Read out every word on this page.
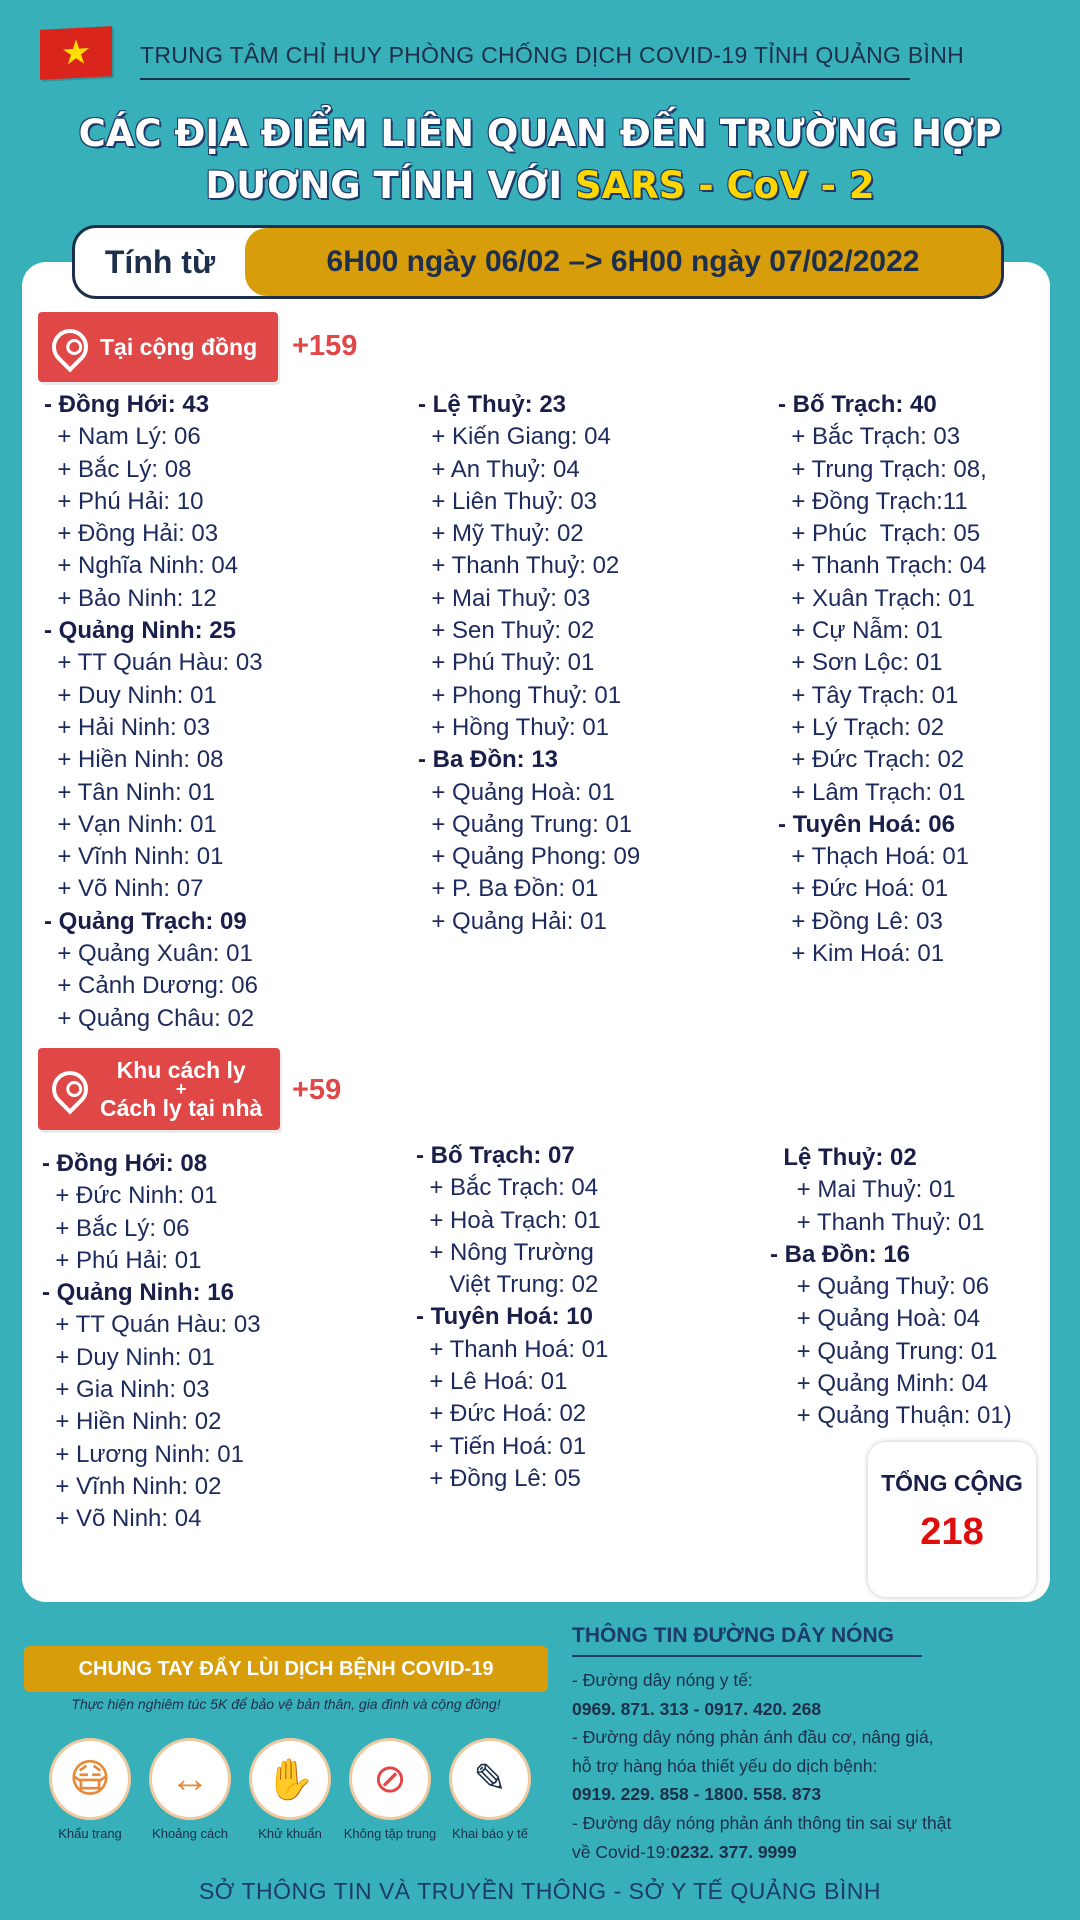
★	TRUNG TÂM CHỈ HUY PHÒNG CHỐNG DỊCH COVID-19 TỈNH QUẢNG BÌNH
CÁC ĐỊA ĐIỂM LIÊN QUAN ĐẾN TRƯỜNG HỢP
DƯƠNG TÍNH VỚI SARS - CoV - 2
Tính từ	6H00 ngày 06/02 –> 6H00 ngày 07/02/2022
Tại cộng đồng +159
- Đồng Hới: 43
+ Nam Lý: 06
+ Bắc Lý: 08
+ Phú Hải: 10
+ Đồng Hải: 03
+ Nghĩa Ninh: 04
+ Bảo Ninh: 12
- Quảng Ninh: 25
+ TT Quán Hàu: 03
+ Duy Ninh: 01
+ Hải Ninh: 03
+ Hiền Ninh: 08
+ Tân Ninh: 01
+ Vạn Ninh: 01
+ Vĩnh Ninh: 01
+ Võ Ninh: 07
- Quảng Trạch: 09
+ Quảng Xuân: 01
+ Cảnh Dương: 06
+ Quảng Châu: 02
- Lệ Thuỷ: 23
+ Kiến Giang: 04
+ An Thuỷ: 04
+ Liên Thuỷ: 03
+ Mỹ Thuỷ: 02
+ Thanh Thuỷ: 02
+ Mai Thuỷ: 03
+ Sen Thuỷ: 02
+ Phú Thuỷ: 01
+ Phong Thuỷ: 01
+ Hồng Thuỷ: 01
- Ba Đồn: 13
+ Quảng Hoà: 01
+ Quảng Trung: 01
+ Quảng Phong: 09
+ P. Ba Đồn: 01
+ Quảng Hải: 01
- Bố Trạch: 40
+ Bắc Trạch: 03
+ Trung Trạch: 08,
+ Đồng Trạch:11
+ Phúc  Trạch: 05
+ Thanh Trạch: 04
+ Xuân Trạch: 01
+ Cự Nẫm: 01
+ Sơn Lộc: 01
+ Tây Trạch: 01
+ Lý Trạch: 02
+ Đức Trạch: 02
+ Lâm Trạch: 01
- Tuyên Hoá: 06
+ Thạch Hoá: 01
+ Đức Hoá: 01
+ Đồng Lê: 03
+ Kim Hoá: 01
Khu cách ly
+
Cách ly tại nhà
+59
- Đồng Hới: 08
+ Đức Ninh: 01
+ Bắc Lý: 06
+ Phú Hải: 01
- Quảng Ninh: 16
+ TT Quán Hàu: 03
+ Duy Ninh: 01
+ Gia Ninh: 03
+ Hiền Ninh: 02
+ Lương Ninh: 01
+ Vĩnh Ninh: 02
+ Võ Ninh: 04
- Bố Trạch: 07
+ Bắc Trạch: 04
+ Hoà Trạch: 01
+ Nông Trường
Việt Trung: 02
- Tuyên Hoá: 10
+ Thanh Hoá: 01
+ Lê Hoá: 01
+ Đức Hoá: 02
+ Tiến Hoá: 01
+ Đồng Lê: 05
Lệ Thuỷ: 02
+ Mai Thuỷ: 01
+ Thanh Thuỷ: 01
- Ba Đồn: 16
+ Quảng Thuỷ: 06
+ Quảng Hoà: 04
+ Quảng Trung: 01
+ Quảng Minh: 04
+ Quảng Thuận: 01)
TỔNG CỘNG
218
CHUNG TAY ĐẨY LÙI DỊCH BỆNH COVID-19
Thực hiện nghiêm túc 5K để bảo vệ bản thân, gia đình và cộng đồng!
😷
Khẩu trang
↔
Khoảng cách
✋
Khử khuẩn
⊘
Không tập trung
✎
Khai báo y tế
THÔNG TIN ĐƯỜNG DÂY NÓNG
- Đường dây nóng y tế:
0969. 871. 313 - 0917. 420. 268
- Đường dây nóng phản ánh đầu cơ, nâng giá,
hỗ trợ hàng hóa thiết yếu do dịch bệnh:
0919. 229. 858 - 1800. 558. 873
- Đường dây nóng phản ánh thông tin sai sự thật
về Covid-19:0232. 377. 9999
SỞ THÔNG TIN VÀ TRUYỀN THÔNG - SỞ Y TẾ QUẢNG BÌNH
